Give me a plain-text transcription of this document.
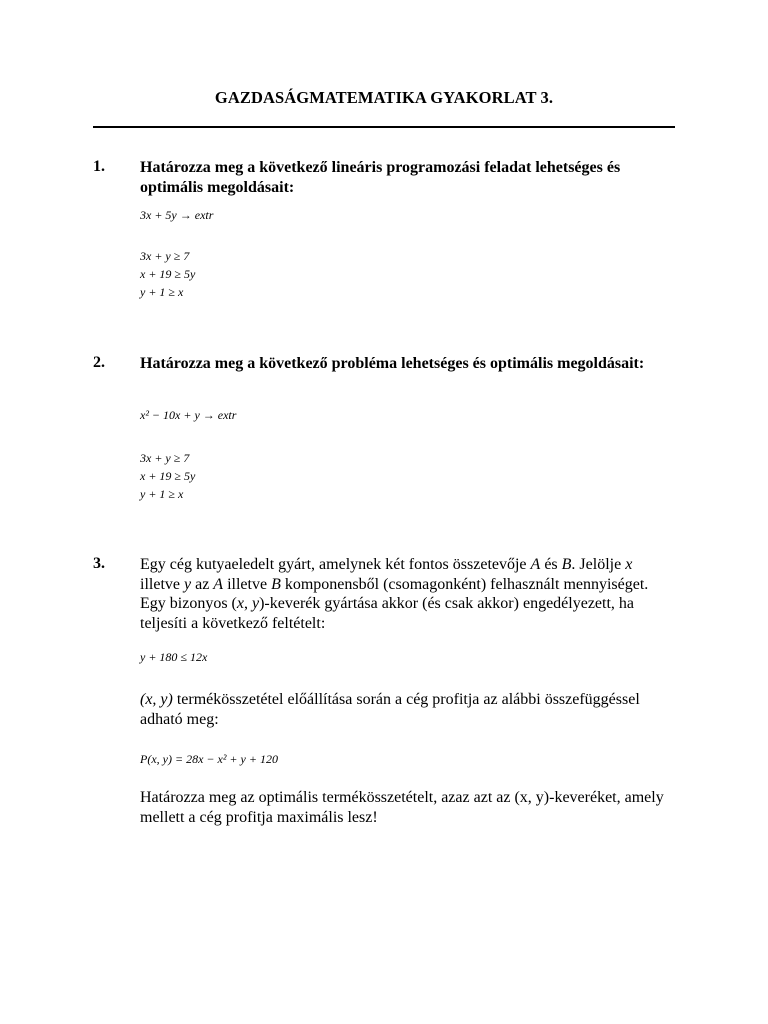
GAZDASÁGMATEMATIKA GYAKORLAT 3.
1. Határozza meg a következő lineáris programozási feladat lehetséges és optimális megoldásait:
3x + 5y → extr
3x + y ≥ 7
x + 19 ≥ 5y
y + 1 ≥ x
2. Határozza meg a következő probléma lehetséges és optimális megoldásait:
x² − 10x + y → extr
3x + y ≥ 7
x + 19 ≥ 5y
y + 1 ≥ x
3. Egy cég kutyaeledelt gyárt, amelynek két fontos összetevője A és B. Jelölje x illetve y az A illetve B komponensből (csomagonként) felhasznált mennyiséget. Egy bizonyos (x, y)-keverék gyártása akkor (és csak akkor) engedélyezett, ha teljesíti a következő feltételt:
y + 180 ≤ 12x
(x, y) termékösszetétel előállítása során a cég profitja az alábbi összefüggéssel adható meg:
P(x, y) = 28x − x² + y + 120
Határozza meg az optimális termékösszetételt, azaz azt az (x, y)-keveréket, amely mellett a cég profitja maximális lesz!
